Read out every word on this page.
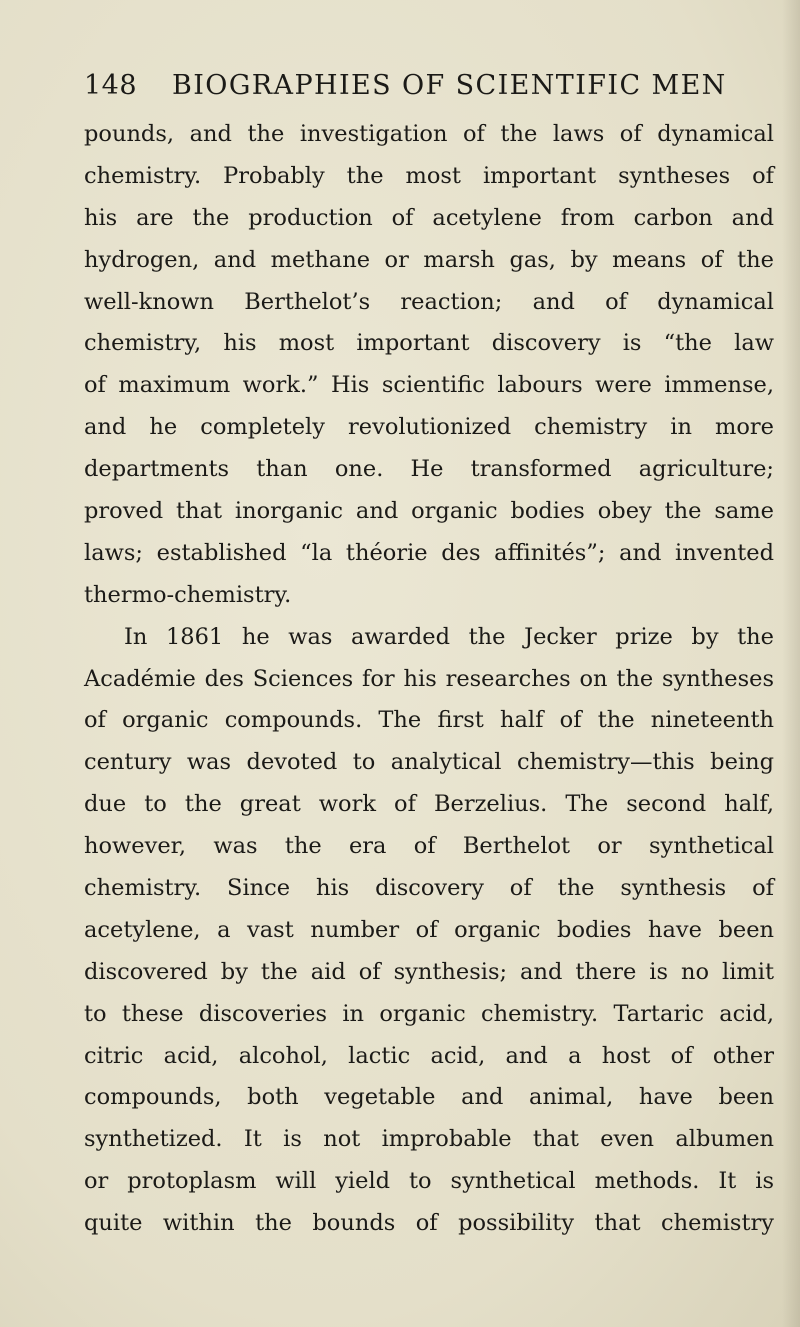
148 BIOGRAPHIES OF SCIENTIFIC MEN
pounds, and the investigation of the laws of dynamical
chemistry. Probably the most important syntheses of
his are the production of acetylene from carbon and
hydrogen, and methane or marsh gas, by means of the
well-known Berthelot’s reaction; and of dynamical
chemistry, his most important discovery is “the law
of maximum work.” His scientific labours were immense,
and he completely revolutionized chemistry in more
departments than one. He transformed agriculture;
proved that inorganic and organic bodies obey the same
laws; established “la théorie des affinités”; and invented
thermo-chemistry.
In 1861 he was awarded the Jecker prize by the
Académie des Sciences for his researches on the syntheses
of organic compounds. The first half of the nineteenth
century was devoted to analytical chemistry—this being
due to the great work of Berzelius. The second half,
however, was the era of Berthelot or synthetical
chemistry. Since his discovery of the synthesis of
acetylene, a vast number of organic bodies have been
discovered by the aid of synthesis; and there is no limit
to these discoveries in organic chemistry. Tartaric acid,
citric acid, alcohol, lactic acid, and a host of other
compounds, both vegetable and animal, have been
synthetized. It is not improbable that even albumen
or protoplasm will yield to synthetical methods. It is
quite within the bounds of possibility that chemistry
